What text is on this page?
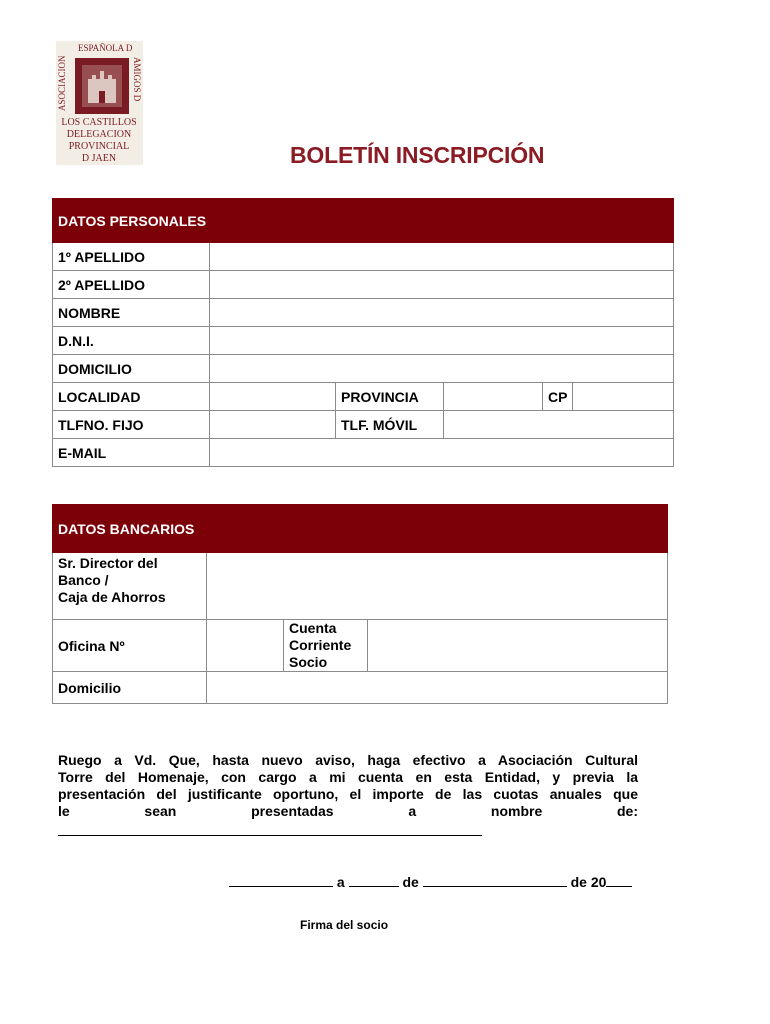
ESPAÑOLA D
ASOCIACION	AMIGOS D
LOS CASTILLOS
DELEGACION
PROVINCIAL
D JAEN	BOLETÍN INSCRIPCIÓN
DATOS PERSONALES					
1º APELLIDO					
2º APELLIDO					
NOMBRE					
D.N.I.					
DOMICILIO					
LOCALIDAD		PROVINCIA		CP	
TLFNO. FIJO		TLF. MÓVIL			
E-MAIL					
DATOS BANCARIOS			
Sr. Director del
Banco /
Caja de Ahorros			
Oficina Nº		Cuenta
Corriente
Socio	
Domicilio			
Ruego a Vd. Que, hasta nuevo aviso, haga efectivo a Asociación Cultural
Torre del Homenaje, con cargo a mi cuenta en esta Entidad, y previa la
presentación del justificante oportuno, el importe de las cuotas anuales que
le sean presentadas a nombre de:
a	de	de 20
Firma del socio
